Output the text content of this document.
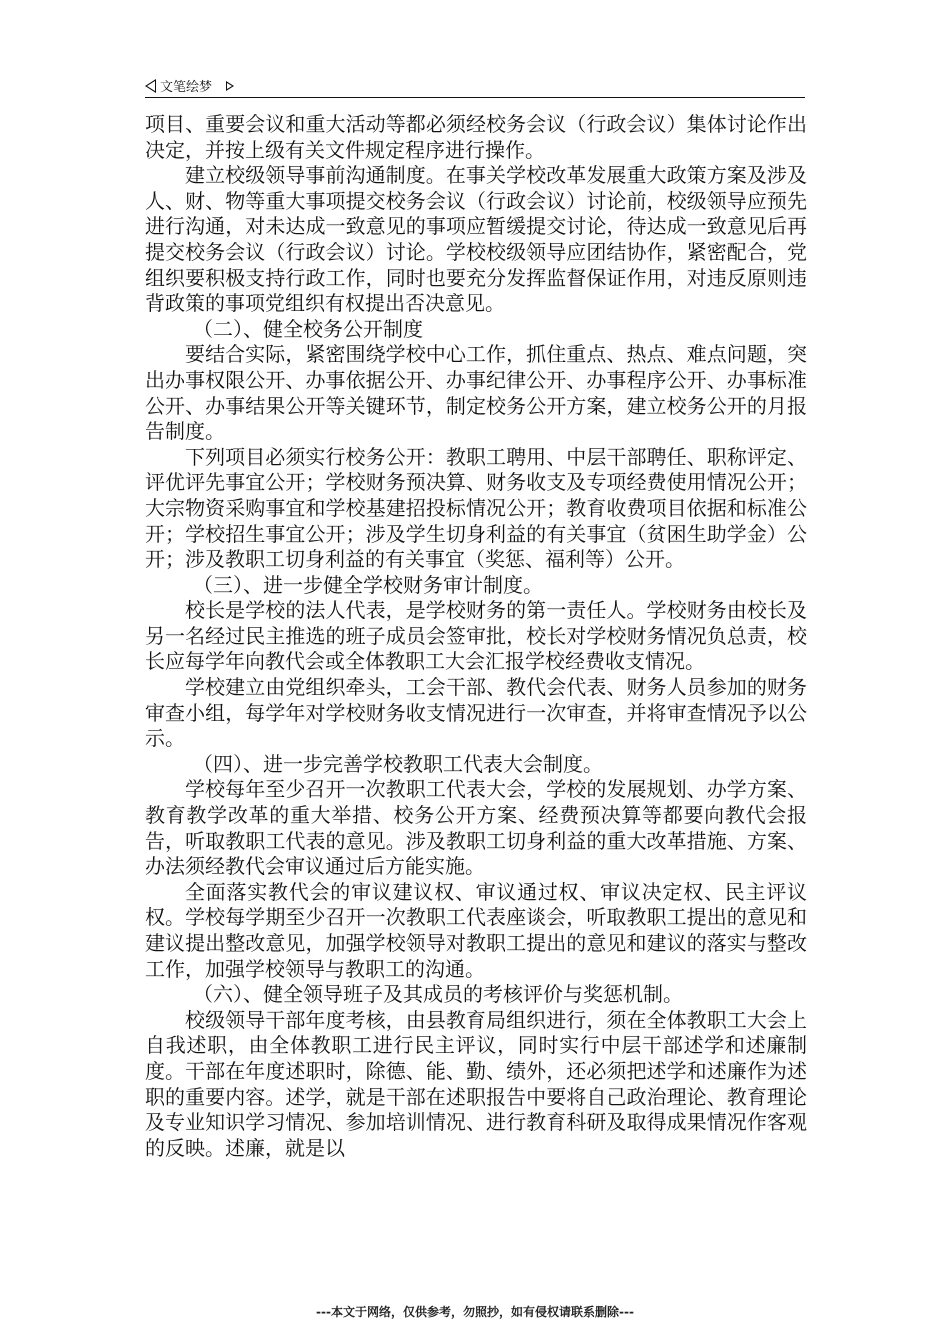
文笔绘梦

项目、重要会议和重大活动等都必须经校务会议（行政会议）集体讨论作出决定，并按上级有关文件规定程序进行操作。

建立校级领导事前沟通制度。在事关学校改革发展重大政策方案及涉及人、财、物等重大事项提交校务会议（行政会议）讨论前，校级领导应预先进行沟通，对未达成一致意见的事项应暂缓提交讨论，待达成一致意见后再提交校务会议（行政会议）讨论。学校校级领导应团结协作，紧密配合，党组织要积极支持行政工作，同时也要充分发挥监督保证作用，对违反原则违背政策的事项党组织有权提出否决意见。

（二）、健全校务公开制度

要结合实际，紧密围绕学校中心工作，抓住重点、热点、难点问题，突出办事权限公开、办事依据公开、办事纪律公开、办事程序公开、办事标准公开、办事结果公开等关键环节，制定校务公开方案，建立校务公开的月报告制度。

下列项目必须实行校务公开：教职工聘用、中层干部聘任、职称评定、评优评先事宜公开；学校财务预决算、财务收支及专项经费使用情况公开；大宗物资采购事宜和学校基建招投标情况公开；教育收费项目依据和标准公开；学校招生事宜公开；涉及学生切身利益的有关事宜（贫困生助学金）公开；涉及教职工切身利益的有关事宜（奖惩、福利等）公开。

（三）、进一步健全学校财务审计制度。

校长是学校的法人代表，是学校财务的第一责任人。学校财务由校长及另一名经过民主推选的班子成员会签审批，校长对学校财务情况负总责，校长应每学年向教代会或全体教职工大会汇报学校经费收支情况。

学校建立由党组织牵头，工会干部、教代会代表、财务人员参加的财务审查小组，每学年对学校财务收支情况进行一次审查，并将审查情况予以公示。

（四）、进一步完善学校教职工代表大会制度。

学校每年至少召开一次教职工代表大会，学校的发展规划、办学方案、教育教学改革的重大举措、校务公开方案、经费预决算等都要向教代会报告，听取教职工代表的意见。涉及教职工切身利益的重大改革措施、方案、办法须经教代会审议通过后方能实施。

全面落实教代会的审议建议权、审议通过权、审议决定权、民主评议权。学校每学期至少召开一次教职工代表座谈会，听取教职工提出的意见和建议提出整改意见，加强学校领导对教职工提出的意见和建议的落实与整改工作，加强学校领导与教职工的沟通。

（六）、健全领导班子及其成员的考核评价与奖惩机制。

校级领导干部年度考核，由县教育局组织进行，须在全体教职工大会上自我述职，由全体教职工进行民主评议，同时实行中层干部述学和述廉制度。干部在年度述职时，除德、能、勤、绩外，还必须把述学和述廉作为述职的重要内容。述学，就是干部在述职报告中要将自己政治理论、教育理论及专业知识学习情况、参加培训情况、进行教育科研及取得成果情况作客观的反映。述廉，就是以

---本文于网络，仅供参考，勿照抄，如有侵权请联系删除---
